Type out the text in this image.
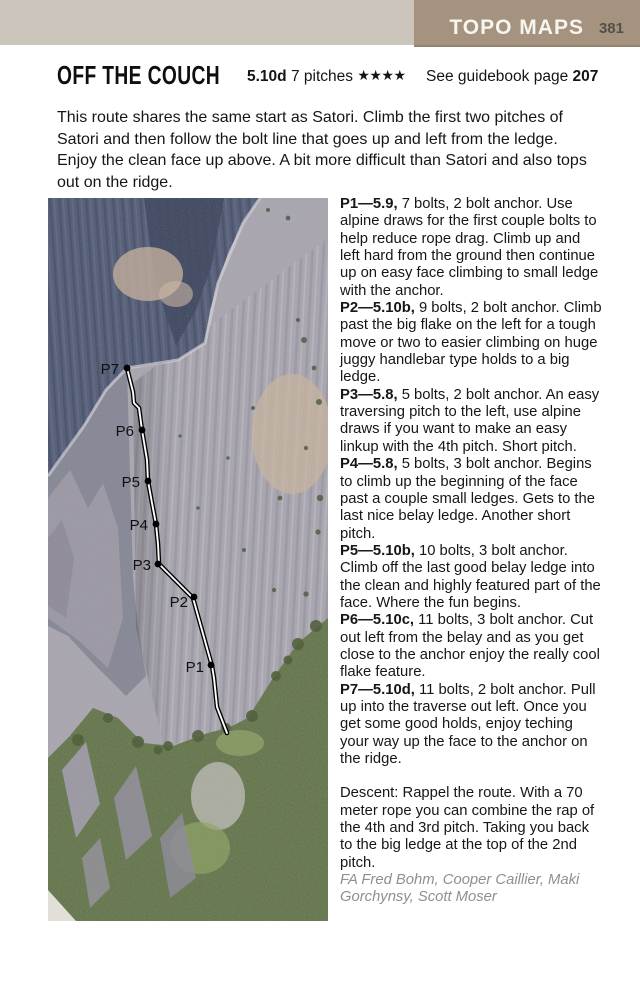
TOPO MAPS 381
OFF THE COUCH 5.10d 7 pitches ★★★★ See guidebook page 207
This route shares the same start as Satori. Climb the first two pitches of Satori and then follow the bolt line that goes up and left from the ledge. Enjoy the clean face up above. A bit more difficult than Satori and also tops out on the ridge.
P1
P2
P3
P4
P5
P6
P7

P1—5.9, 7 bolts, 2 bolt anchor. Use alpine draws for the first couple bolts to help reduce rope drag. Climb up and left hard from the ground then continue up on easy face climbing to small ledge with the anchor.

P2—5.10b, 9 bolts, 2 bolt anchor. Climb past the big flake on the left for a tough move or two to easier climbing on huge juggy handlebar type holds to a big ledge.

P3—5.8, 5 bolts, 2 bolt anchor. An easy traversing pitch to the left, use alpine draws if you want to make an easy linkup with the 4th pitch. Short pitch.

P4—5.8, 5 bolts, 3 bolt anchor. Begins to climb up the beginning of the face past a couple small ledges. Gets to the last nice belay ledge. Another short pitch.

P5—5.10b, 10 bolts, 3 bolt anchor. Climb off the last good belay ledge into the clean and highly featured part of the face. Where the fun begins.

P6—5.10c, 11 bolts, 3 bolt anchor. Cut out left from the belay and as you get close to the anchor enjoy the really cool flake feature.

P7—5.10d, 11 bolts, 2 bolt anchor. Pull up into the traverse out left. Once you get some good holds, enjoy teching your way up the face to the anchor on the ridge.

Descent: Rappel the route. With a 70 meter rope you can combine the rap of the 4th and 3rd pitch. Taking you back to the big ledge at the top of the 2nd pitch.

FA Fred Bohm, Cooper Caillier, Maki Gorchynsy, Scott Moser
